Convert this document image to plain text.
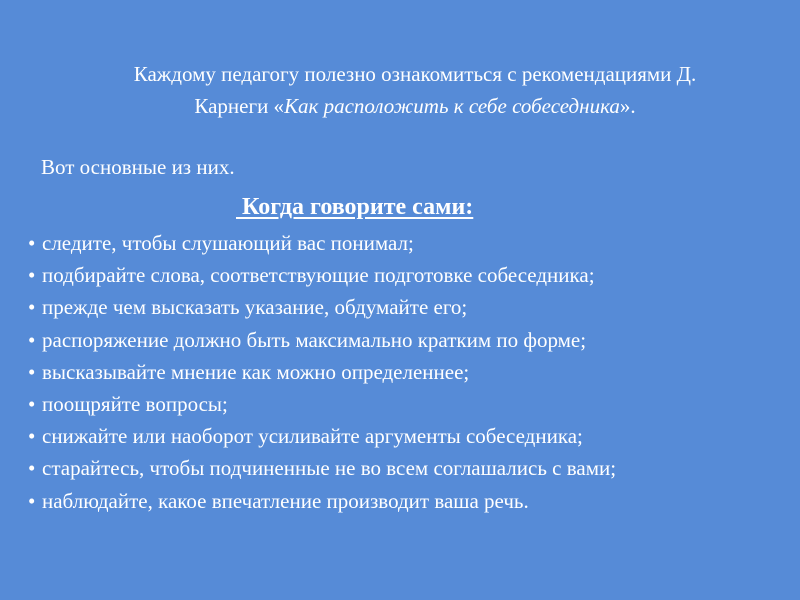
Каждому педагогу полезно ознакомиться с рекомендациями Д.
Карнеги «Как расположить к себе собеседника».
Вот основные из них.
Когда говорите сами:
• следите, чтобы слушающий вас понимал;
• подбирайте слова, соответствующие подготовке собеседника;
• прежде чем высказать указание, обдумайте его;
• распоряжение должно быть максимально кратким по форме;
• высказывайте мнение как можно определеннее;
• поощряйте вопросы;
• снижайте или наоборот усиливайте аргументы собеседника;
• старайтесь, чтобы подчиненные не во всем соглашались с вами;
• наблюдайте, какое впечатление производит ваша речь.
